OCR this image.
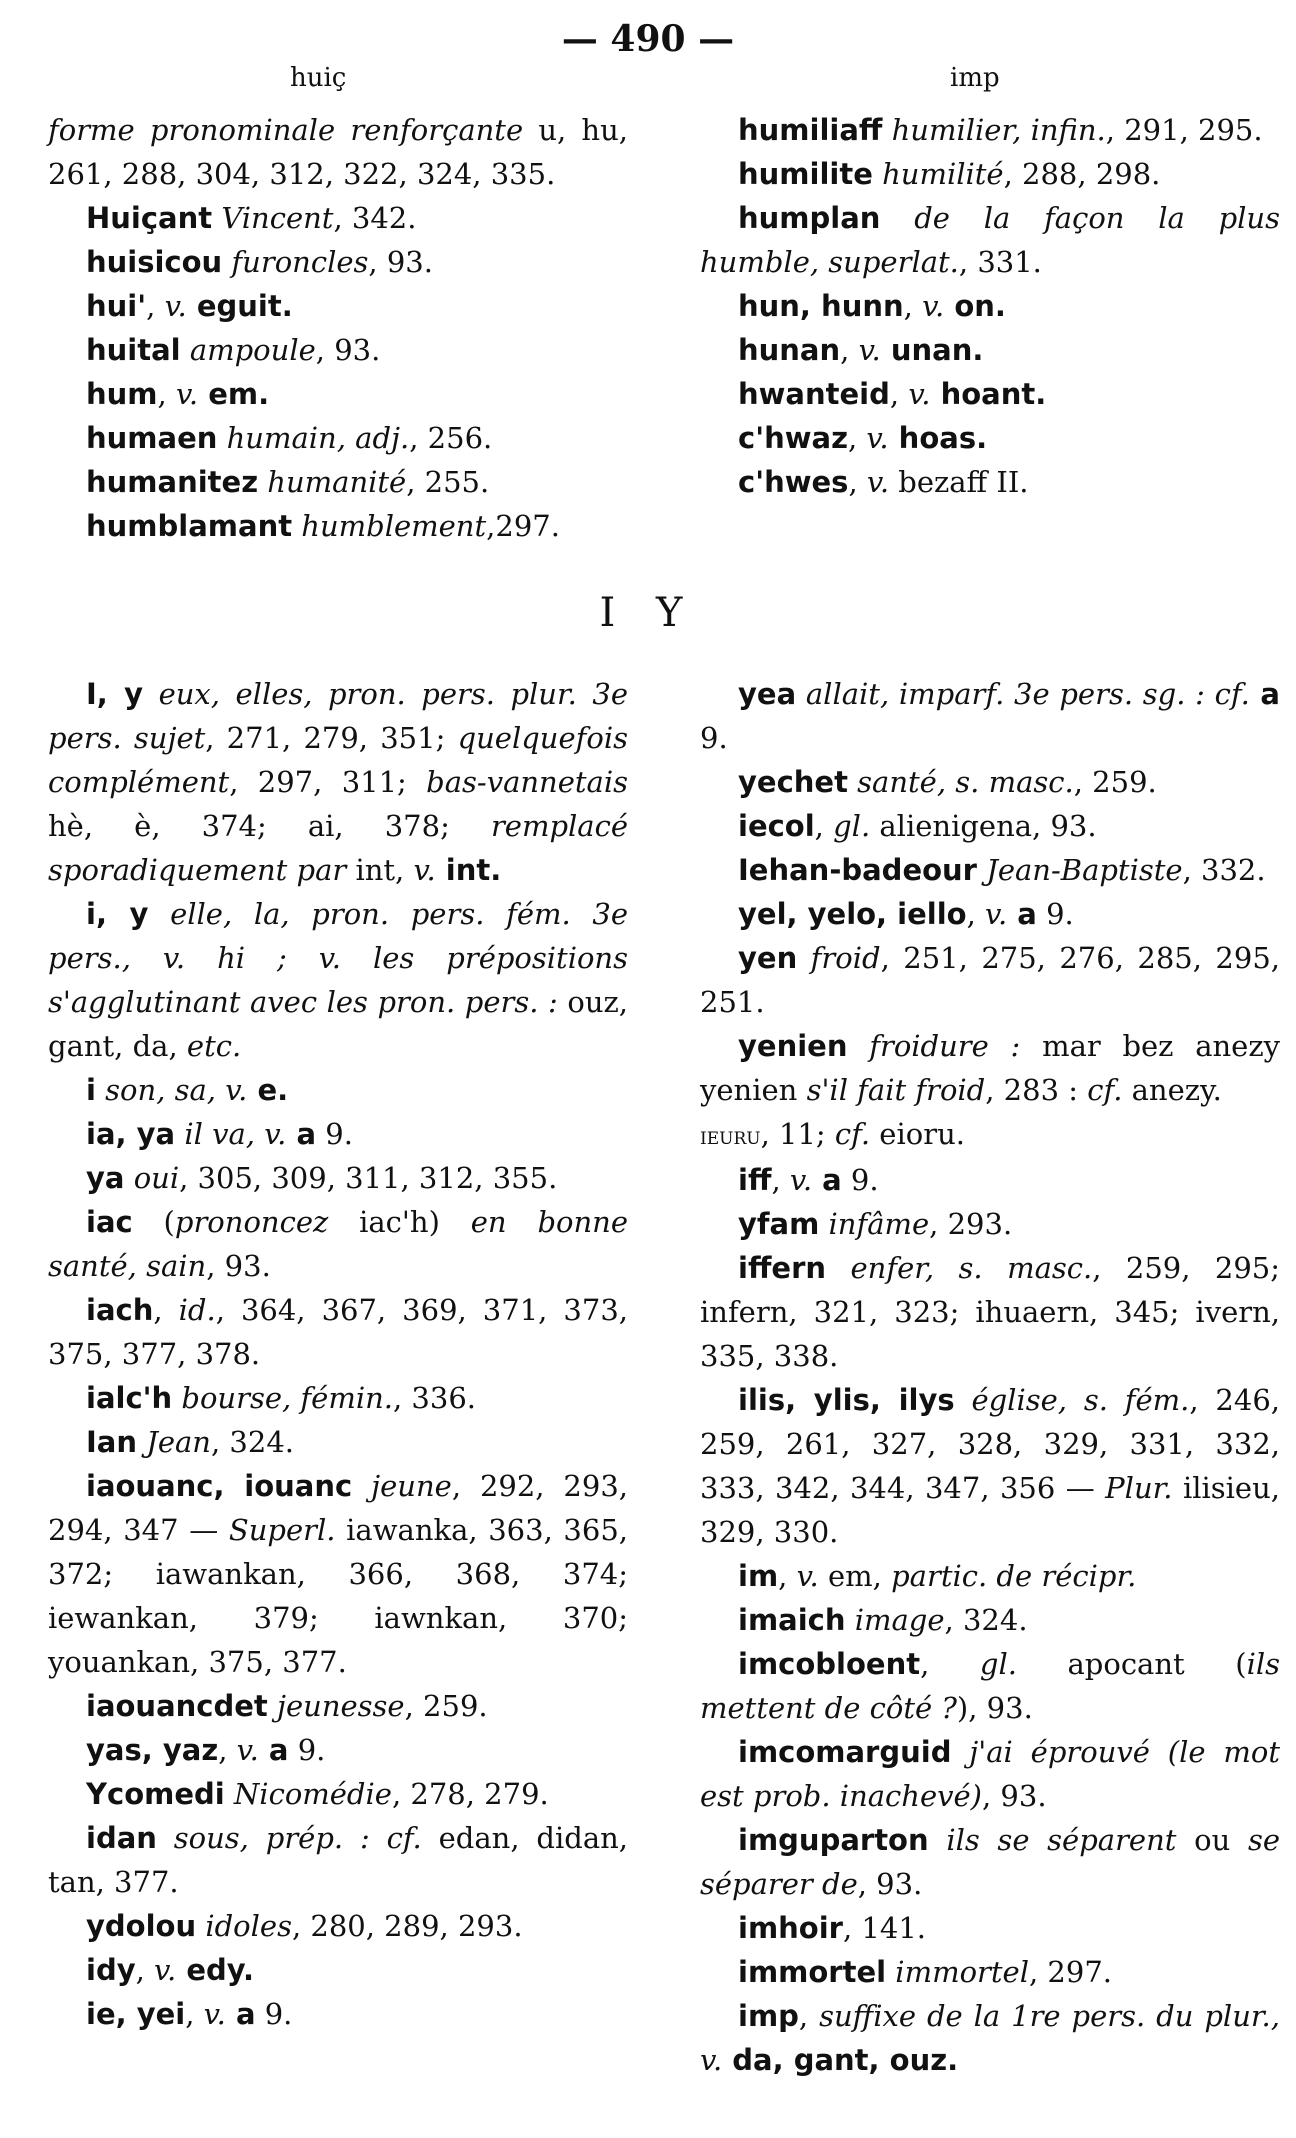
— 490 —
huiç	imp

forme pronominale renforçante u, hu, 261, 288, 304, 312, 322, 324, 335.

Huiçant Vincent, 342.

huisicou furoncles, 93.

hui', v. eguit.

huital ampoule, 93.

hum, v. em.

humaen humain, adj., 256.

humanitez humanité, 255.

humblamant humblement,297.

humiliaff humilier, infin., 291, 295.

humilite humilité, 288, 298.

humplan de la façon la plus humble, superlat., 331.

hun, hunn, v. on.

hunan, v. unan.

hwanteid, v. hoant.

c'hwaz, v. hoas.

c'hwes, v. bezaff II.

I Y

I, y eux, elles, pron. pers. plur. 3e pers. sujet, 271, 279, 351; quelquefois complément, 297, 311; bas-vannetais hè, è, 374; ai, 378; remplacé sporadiquement par int, v. int.

i, y elle, la, pron. pers. fém. 3e pers., v. hi ; v. les prépositions s'agglutinant avec les pron. pers. : ouz, gant, da, etc.

i son, sa, v. e.

ia, ya il va, v. a 9.

ya oui, 305, 309, 311, 312, 355.

iac (prononcez iac'h) en bonne santé, sain, 93.

iach, id., 364, 367, 369, 371, 373, 375, 377, 378.

ialc'h bourse, fémin., 336.

Ian Jean, 324.

iaouanc, iouanc jeune, 292, 293, 294, 347 — Superl. iawanka, 363, 365, 372; iawankan, 366, 368, 374; iewankan, 379; iawnkan, 370; youankan, 375, 377.

iaouancdet jeunesse, 259.

yas, yaz, v. a 9.

Ycomedi Nicomédie, 278, 279.

idan sous, prép. : cf. edan, didan, tan, 377.

ydolou idoles, 280, 289, 293.

idy, v. edy.

ie, yei, v. a 9.

yea allait, imparf. 3e pers. sg. : cf. a 9.

yechet santé, s. masc., 259.

iecol, gl. alienigena, 93.

Iehan-badeour Jean-Baptiste, 332.

yel, yelo, iello, v. a 9.

yen froid, 251, 275, 276, 285, 295, 251.

yenien froidure : mar bez anezy yenien s'il fait froid, 283 : cf. anezy.

ieuru, 11; cf. eioru.

iff, v. a 9.

yfam infâme, 293.

iffern enfer, s. masc., 259, 295; infern, 321, 323; ihuaern, 345; ivern, 335, 338.

ilis, ylis, ilys église, s. fém., 246, 259, 261, 327, 328, 329, 331, 332, 333, 342, 344, 347, 356 — Plur. ilisieu, 329, 330.

im, v. em, partic. de récipr.

imaich image, 324.

imcobloent, gl. apocant (ils mettent de côté ?), 93.

imcomarguid j'ai éprouvé (le mot est prob. inachevé), 93.

imguparton ils se séparent ou se séparer de, 93.

imhoir, 141.

immortel immortel, 297.

imp, suffixe de la 1re pers. du plur., v. da, gant, ouz.
